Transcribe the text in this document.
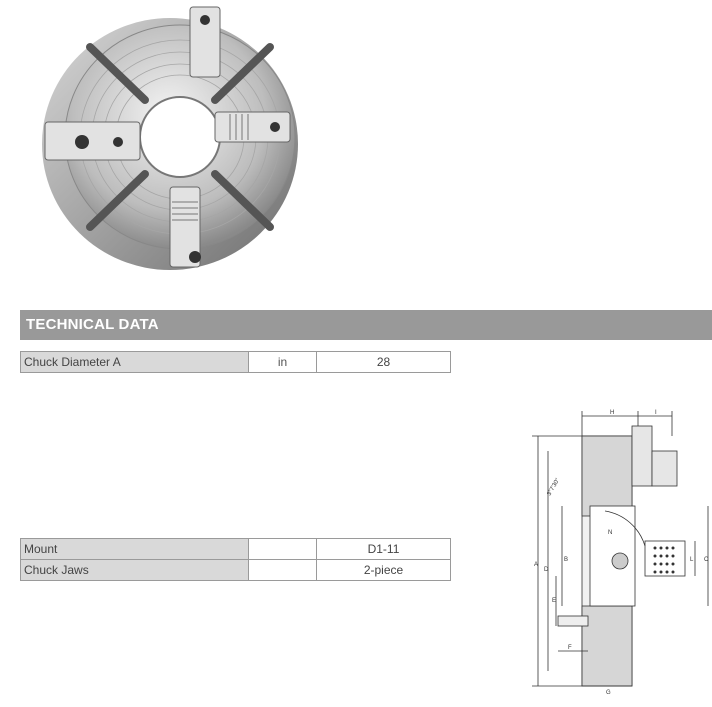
TECHNICAL DATA
Chuck Diameter A	in	28
Mount		D1-11
Chuck Jaws		2-piece
H	I
3°7'30"
N
A
D
B
E
F
G
L C
